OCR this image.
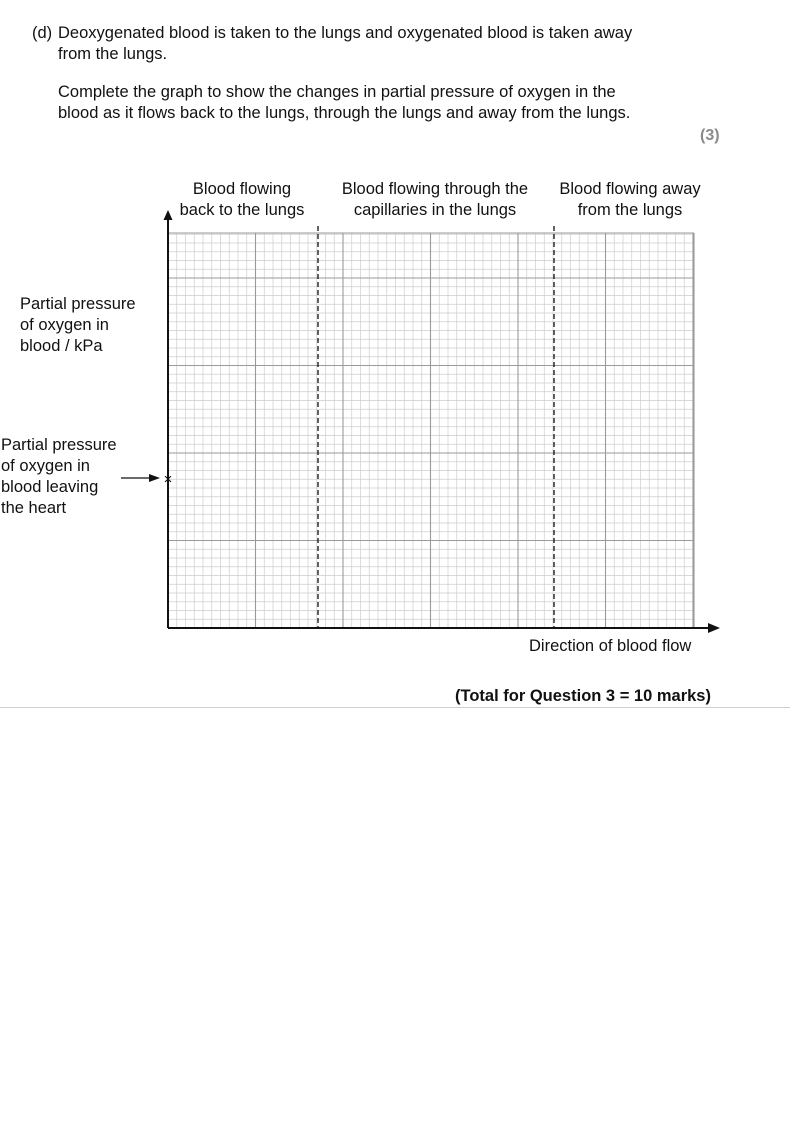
(d) Deoxygenated blood is taken to the lungs and oxygenated blood is taken away
from the lungs.
Complete the graph to show the changes in partial pressure of oxygen in the
blood as it flows back to the lungs, through the lungs and away from the lungs.
(3)
Blood flowing
back to the lungs
Blood flowing through the
capillaries in the lungs
Blood flowing away
from the lungs
Partial pressure
of oxygen in
blood / kPa
Partial pressure
of oxygen in
blood leaving
the heart
Direction of blood flow
×
(Total for Question 3 = 10 marks)
